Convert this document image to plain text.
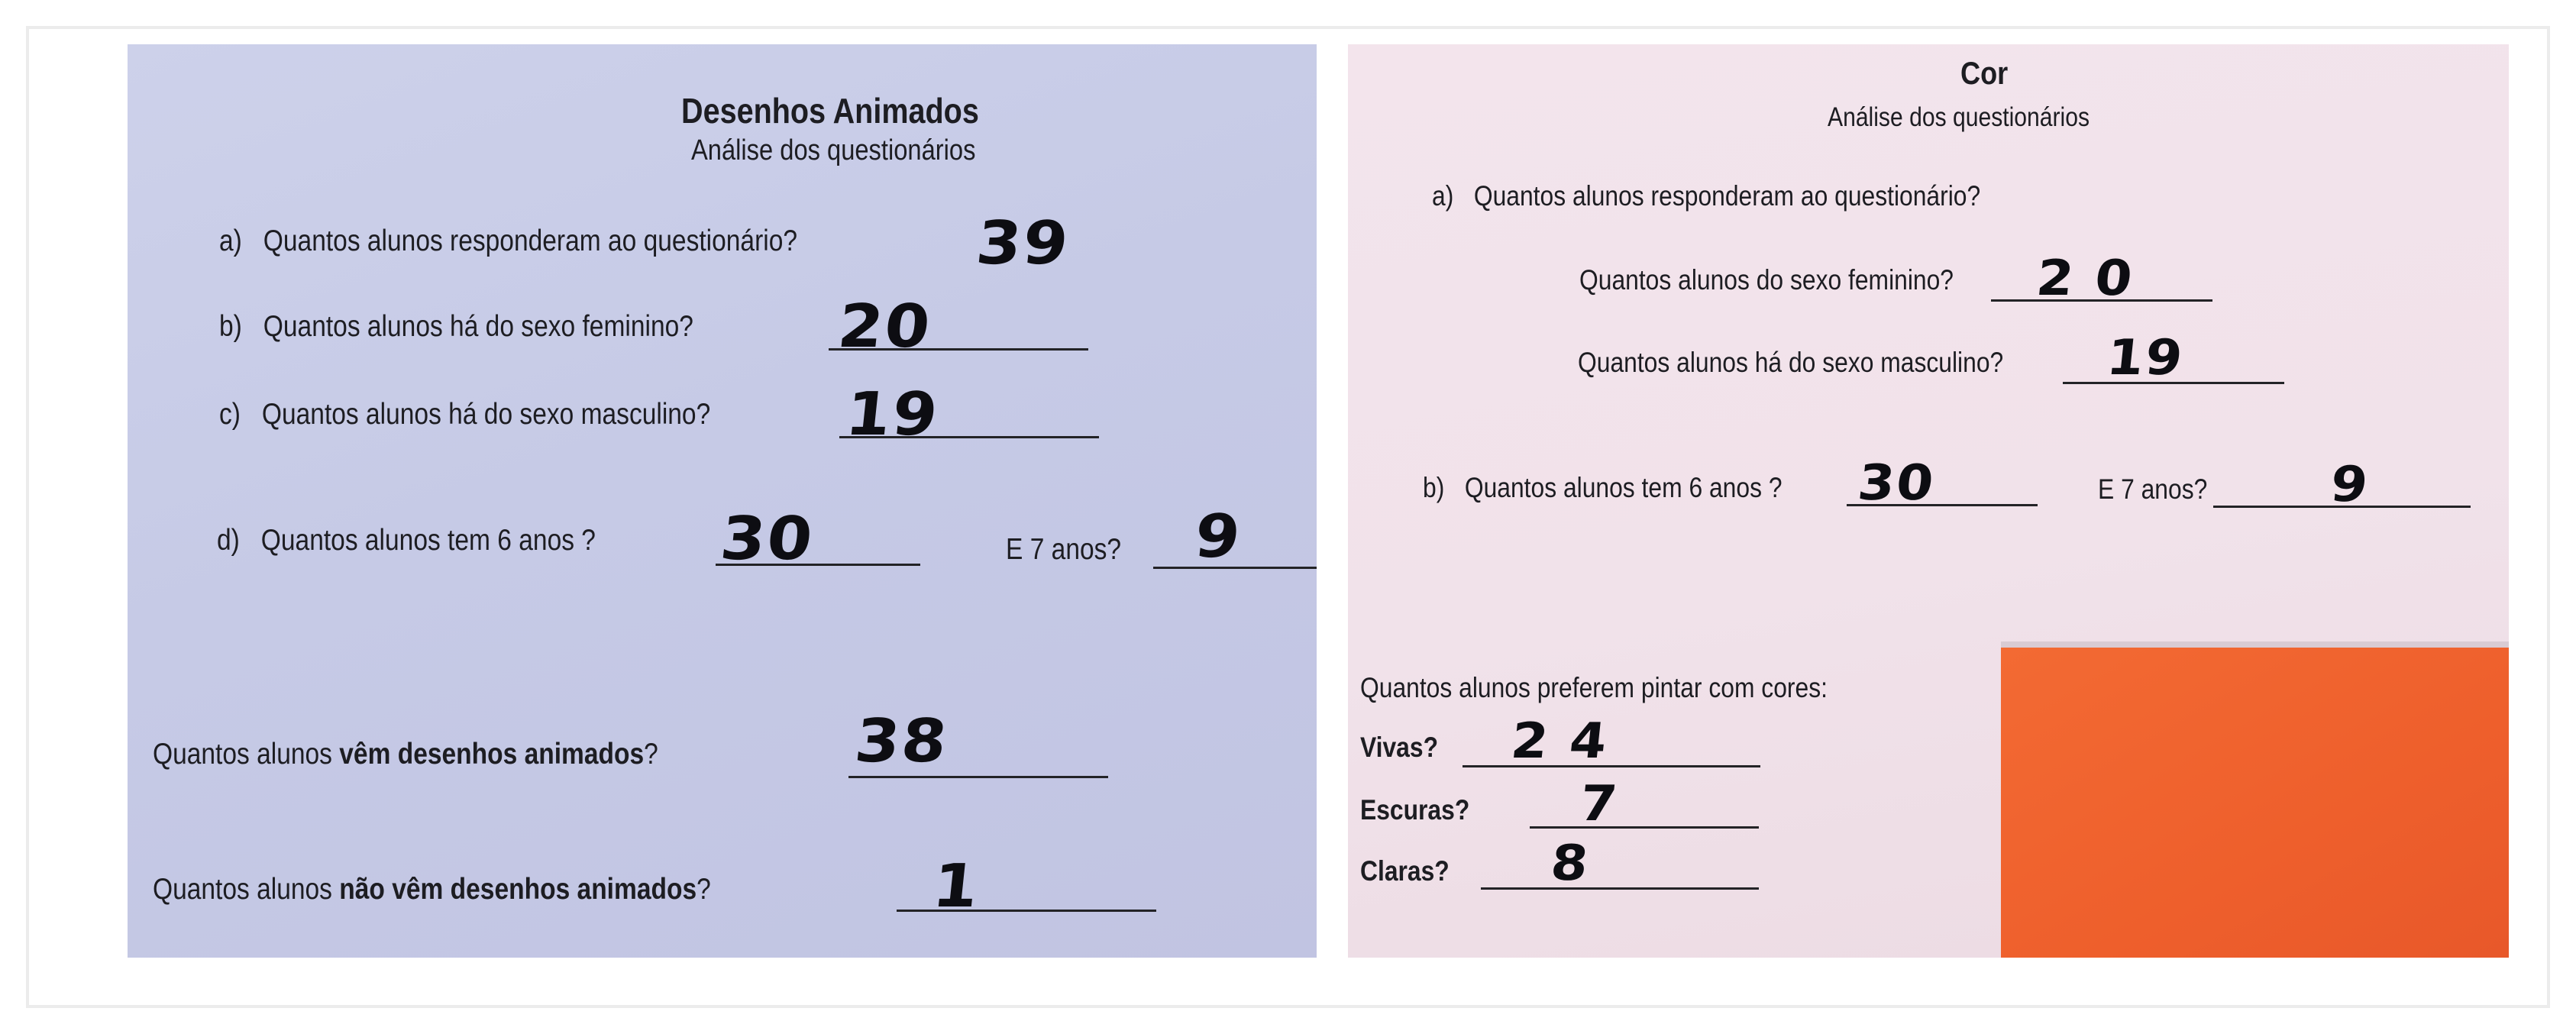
Desenhos Animados
Análise dos questionários
a) Quantos alunos responderam ao questionário?	39
b) Quantos alunos há do sexo feminino? 20
c) Quantos alunos há do sexo masculino? 19
d) Quantos alunos tem 6 anos ? 30	E 7 anos? 9
Quantos alunos vêm desenhos animados?	38
Quantos alunos não vêm desenhos animados?	1
Cor
Análise dos questionários
a) Quantos alunos responderam ao questionário?
Quantos alunos do sexo feminino? 2 0
Quantos alunos há do sexo masculino? 19
b) Quantos alunos tem 6 anos ? 30	E 7 anos? 9
Quantos alunos preferem pintar com cores:
Vivas? 2 4
Escuras? 7
Claras? 8
